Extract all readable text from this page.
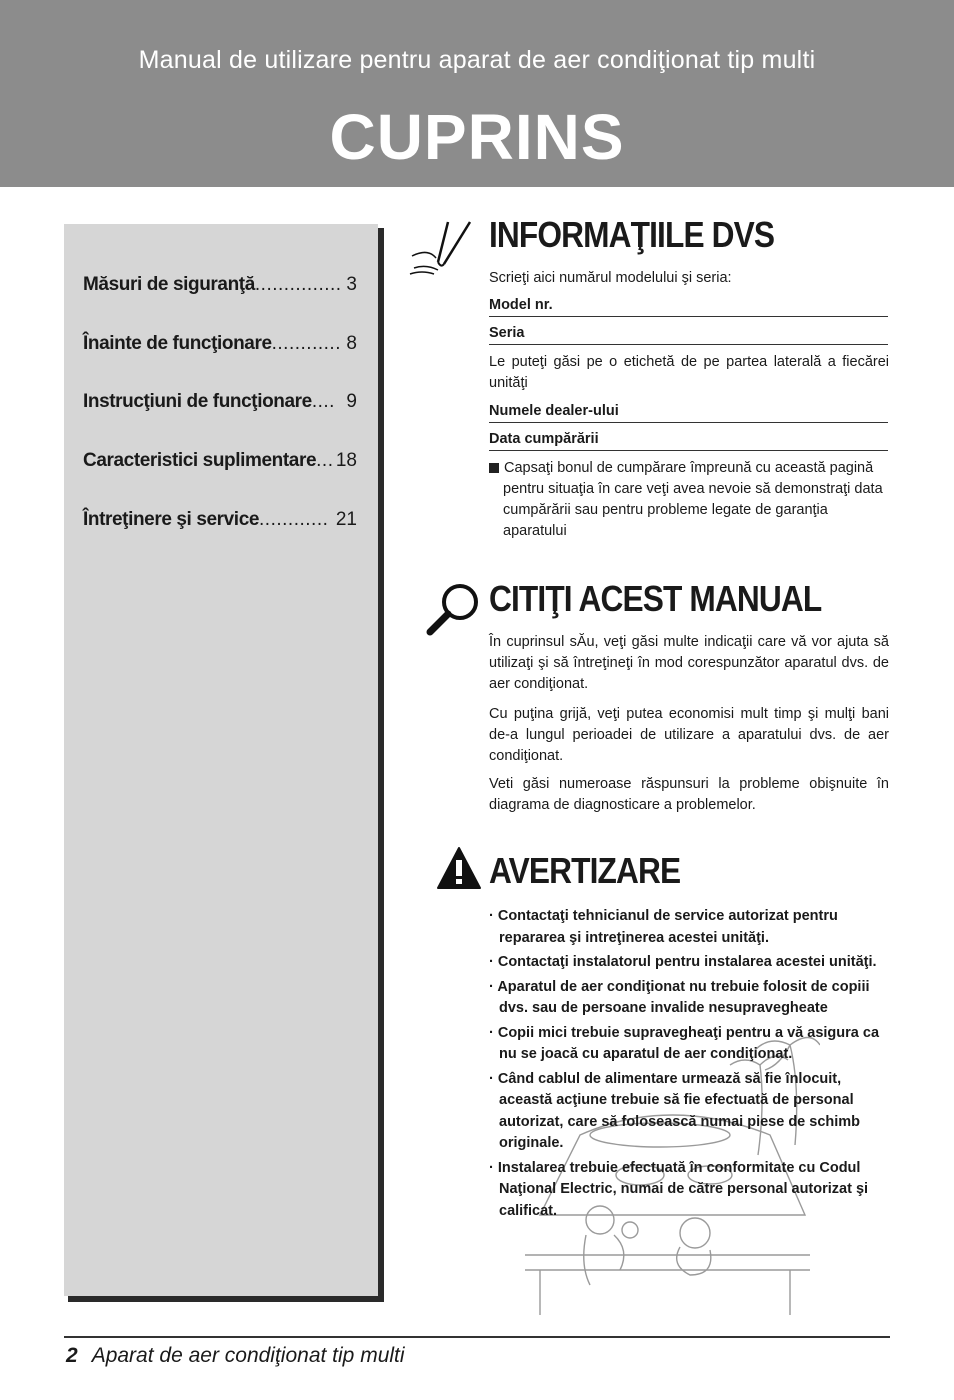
Manual de utilizare pentru aparat de aer condiţionat tip multi
CUPRINS
Măsuri de siguranţă ............... 3
Înainte de funcţionare ............ 8
Instrucţiuni de funcţionare .... 9
Caracteristici suplimentare ... 18
Întreţinere şi service ............ 21
INFORMAŢIILE DVS
Scrieţi aici numărul modelului şi seria:
Model nr.
Seria
Le puteţi găsi pe o etichetă de pe partea laterală a fiecărei unităţi
Numele dealer-ului
Data cumpărării
Capsaţi bonul de cumpărare împreună cu această pagină pentru situaţia în care veţi avea nevoie să demonstraţi data cumpărării sau pentru probleme legate de garanţia aparatului
CITIŢI ACEST MANUAL
În cuprinsul sĂu, veţi găsi multe indicaţii care vă vor ajuta să utilizaţi şi să întreţineţi în mod corespunzător aparatul dvs. de aer condiţionat.
Cu puţina grijă, veţi putea economisi mult timp şi mulţi bani de-a lungul perioadei de utilizare a aparatului dvs. de aer condiţionat.
Veti găsi numeroase răspunsuri la probleme obişnuite în diagrama de diagnosticare a problemelor.
AVERTIZARE
· Contactaţi tehnicianul de service autorizat pentru repararea şi intreţinerea acestei unităţi.
· Contactaţi instalatorul pentru instalarea acestei unităţi.
· Aparatul de aer condiţionat nu trebuie folosit de copiii dvs. sau de persoane invalide nesupravegheate
· Copii mici trebuie supravegheaţi pentru a vă asigura ca nu se joacă cu aparatul de aer condiţionat.
· Când cablul de alimentare urmează să fie înlocuit, această acţiune trebuie să fie efectuată de personal autorizat, care să folosească numai piese de schimb originale.
· Instalarea trebuie efectuată în conformitate cu Codul Naţional Electric, numai de către personal autorizat şi calificat.
2 Aparat de aer condiţionat tip multi
